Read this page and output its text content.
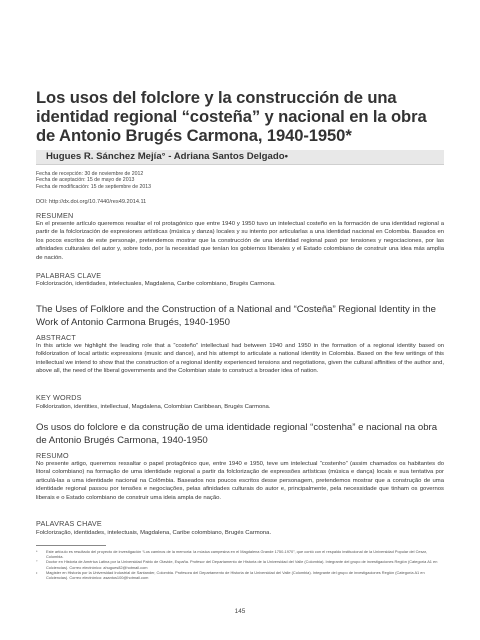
Los usos del folclore y la construcción de una identidad regional “costeña” y nacional en la obra de Antonio Brugés Carmona, 1940-1950*
Hugues R. Sánchez Mejía° - Adriana Santos Delgado•
Fecha de recepción: 30 de noviembre de 2012
Fecha de aceptación: 15 de mayo de 2013
Fecha de modificación: 15 de septiembre de 2013
DOI: http://dx.doi.org/10.7440/res49.2014.11
RESUMEN
En el presente artículo queremos resaltar el rol protagónico que entre 1940 y 1950 tuvo un intelectual costeño en la formación de una identidad regional a partir de la folclorización de expresiones artísticas (música y danza) locales y su intento por articularlas a una identidad nacional en Colombia. Basados en los pocos escritos de este personaje, pretendemos mostrar que la construcción de una identidad regional pasó por tensiones y negociaciones, por las afinidades culturales del autor y, sobre todo, por la necesidad que tenían los gobiernos liberales y el Estado colombiano de construir una idea más amplia de nación.
PALABRAS CLAVE
Folclorización, identidades, intelectuales, Magdalena, Caribe colombiano, Brugés Carmona.
The Uses of Folklore and the Construction of a National and “Costeña” Regional Identity in the Work of Antonio Carmona Brugés, 1940-1950
ABSTRACT
In this article we highlight the leading role that a “costeño” intellectual had between 1940 and 1950 in the formation of a regional identity based on folklorization of local artistic expressions (music and dance), and his attempt to articulate a national identity in Colombia. Based on the few writings of this intellectual we intend to show that the construction of a regional identity experienced tensions and negotiations, given the cultural affinities of the author and, above all, the need of the liberal governments and the Colombian state to construct a broader idea of nation.
KEY WORDS
Folklorization, identities, intellectual, Magdalena, Colombian Caribbean, Brugés Carmona.
Os usos do folclore e da construção de uma identidade regional “costenha” e nacional na obra de Antonio Brugés Carmona, 1940-1950
RESUMO
No presente artigo, queremos ressaltar o papel protagônico que, entre 1940 e 1950, teve um intelectual “costenho” (assim chamados os habitantes do litoral colombiano) na formação de uma identidade regional a partir da folclorização de expressões artísticas (música e dança) locais e sua tentativa por articulá-las a uma identidade nacional na Colômbia. Baseados nos poucos escritos desse personagem, pretendemos mostrar que a construção de uma identidade regional passou por tensões e negociações, pelas afinidades culturais do autor e, principalmente, pela necessidade que tinham os governos liberais e o Estado colombiano de construir uma ideia ampla de nação.
PALAVRAS CHAVE
Folclorização, identidades, intelectuais, Magdalena, Caribe colombiano, Brugés Carmona.
*	Este artículo es resultado del proyecto de investigación “Los caminos de la memoria: la música campesina en el Magdalena Grande 1750-1970”, que contó con el respaldo institucional de la Universidad Popular del Cesar, Colombia.
°	Doctor en Historia de América Latina por la Universidad Pablo de Olavide, España. Profesor del Departamento de Historia de la Universidad del Valle (Colombia). Integrante del grupo de investigaciones Región (Categoría A1 en Colciencias). Correo electrónico: ahugues82@hotmail.com
•	Magíster en Historia por la Universidad Industrial de Santander, Colombia. Profesora del Departamento de Historia de la Universidad del Valle (Colombia). Integrante del grupo de investigaciones Región (Categoría A1 en Colciencias). Correo electrónico: asantos100@hotmail.com
145
